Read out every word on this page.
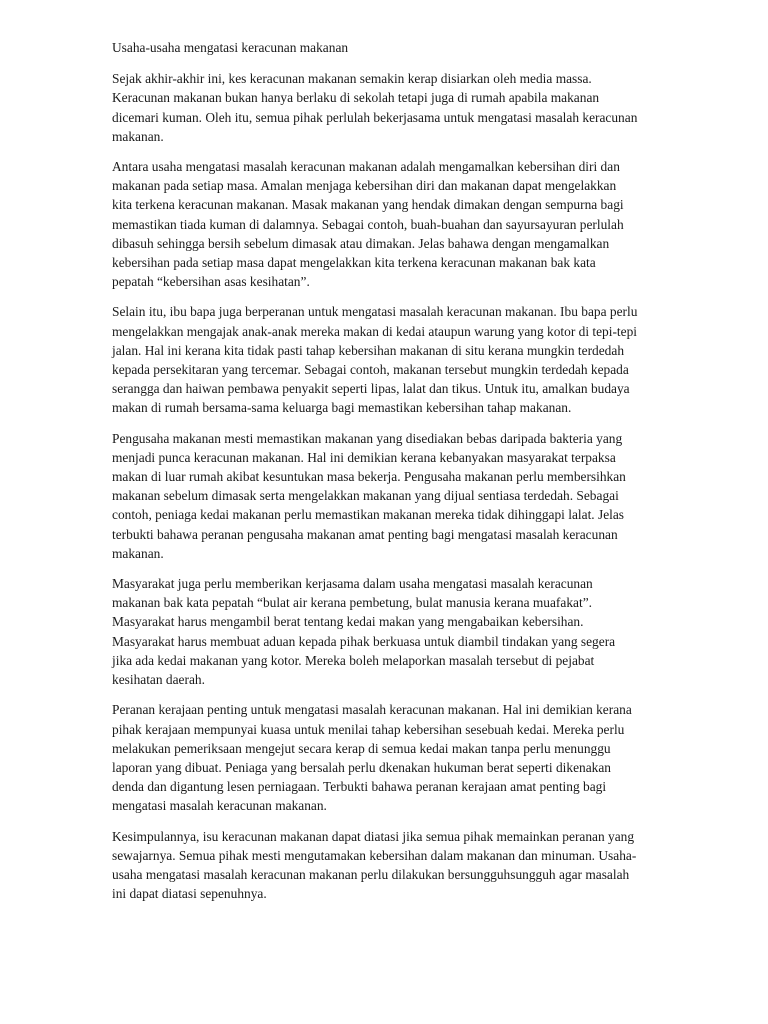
Usaha-usaha mengatasi keracunan makanan

Sejak akhir-akhir ini, kes keracunan makanan semakin kerap disiarkan oleh media massa.
Keracunan makanan bukan hanya berlaku di sekolah tetapi juga di rumah apabila makanan
dicemari kuman. Oleh itu, semua pihak perlulah bekerjasama untuk mengatasi masalah keracunan
makanan.

Antara usaha mengatasi masalah keracunan makanan adalah mengamalkan kebersihan diri dan
makanan pada setiap masa. Amalan menjaga kebersihan diri dan makanan dapat mengelakkan
kita terkena keracunan makanan. Masak makanan yang hendak dimakan dengan sempurna bagi
memastikan tiada kuman di dalamnya. Sebagai contoh, buah-buahan dan sayursayuran perlulah
dibasuh sehingga bersih sebelum dimasak atau dimakan. Jelas bahawa dengan mengamalkan
kebersihan pada setiap masa dapat mengelakkan kita terkena keracunan makanan bak kata
pepatah “kebersihan asas kesihatan”.

Selain itu, ibu bapa juga berperanan untuk mengatasi masalah keracunan makanan. Ibu bapa perlu
mengelakkan mengajak anak-anak mereka makan di kedai ataupun warung yang kotor di tepi-tepi
jalan. Hal ini kerana kita tidak pasti tahap kebersihan makanan di situ kerana mungkin terdedah
kepada persekitaran yang tercemar. Sebagai contoh, makanan tersebut mungkin terdedah kepada
serangga dan haiwan pembawa penyakit seperti lipas, lalat dan tikus. Untuk itu, amalkan budaya
makan di rumah bersama-sama keluarga bagi memastikan kebersihan tahap makanan.

Pengusaha makanan mesti memastikan makanan yang disediakan bebas daripada bakteria yang
menjadi punca keracunan makanan. Hal ini demikian kerana kebanyakan masyarakat terpaksa
makan di luar rumah akibat kesuntukan masa bekerja. Pengusaha makanan perlu membersihkan
makanan sebelum dimasak serta mengelakkan makanan yang dijual sentiasa terdedah. Sebagai
contoh, peniaga kedai makanan perlu memastikan makanan mereka tidak dihinggapi lalat. Jelas
terbukti bahawa peranan pengusaha makanan amat penting bagi mengatasi masalah keracunan
makanan.

Masyarakat juga perlu memberikan kerjasama dalam usaha mengatasi masalah keracunan
makanan bak kata pepatah “bulat air kerana pembetung, bulat manusia kerana muafakat”.
Masyarakat harus mengambil berat tentang kedai makan yang mengabaikan kebersihan.
Masyarakat harus membuat aduan kepada pihak berkuasa untuk diambil tindakan yang segera
jika ada kedai makanan yang kotor. Mereka boleh melaporkan masalah tersebut di pejabat
kesihatan daerah.

Peranan kerajaan penting untuk mengatasi masalah keracunan makanan. Hal ini demikian kerana
pihak kerajaan mempunyai kuasa untuk menilai tahap kebersihan sesebuah kedai. Mereka perlu
melakukan pemeriksaan mengejut secara kerap di semua kedai makan tanpa perlu menunggu
laporan yang dibuat. Peniaga yang bersalah perlu dkenakan hukuman berat seperti dikenakan
denda dan digantung lesen perniagaan. Terbukti bahawa peranan kerajaan amat penting bagi
mengatasi masalah keracunan makanan.

Kesimpulannya, isu keracunan makanan dapat diatasi jika semua pihak memainkan peranan yang
sewajarnya. Semua pihak mesti mengutamakan kebersihan dalam makanan dan minuman. Usaha-
usaha mengatasi masalah keracunan makanan perlu dilakukan bersungguhsungguh agar masalah
ini dapat diatasi sepenuhnya.
